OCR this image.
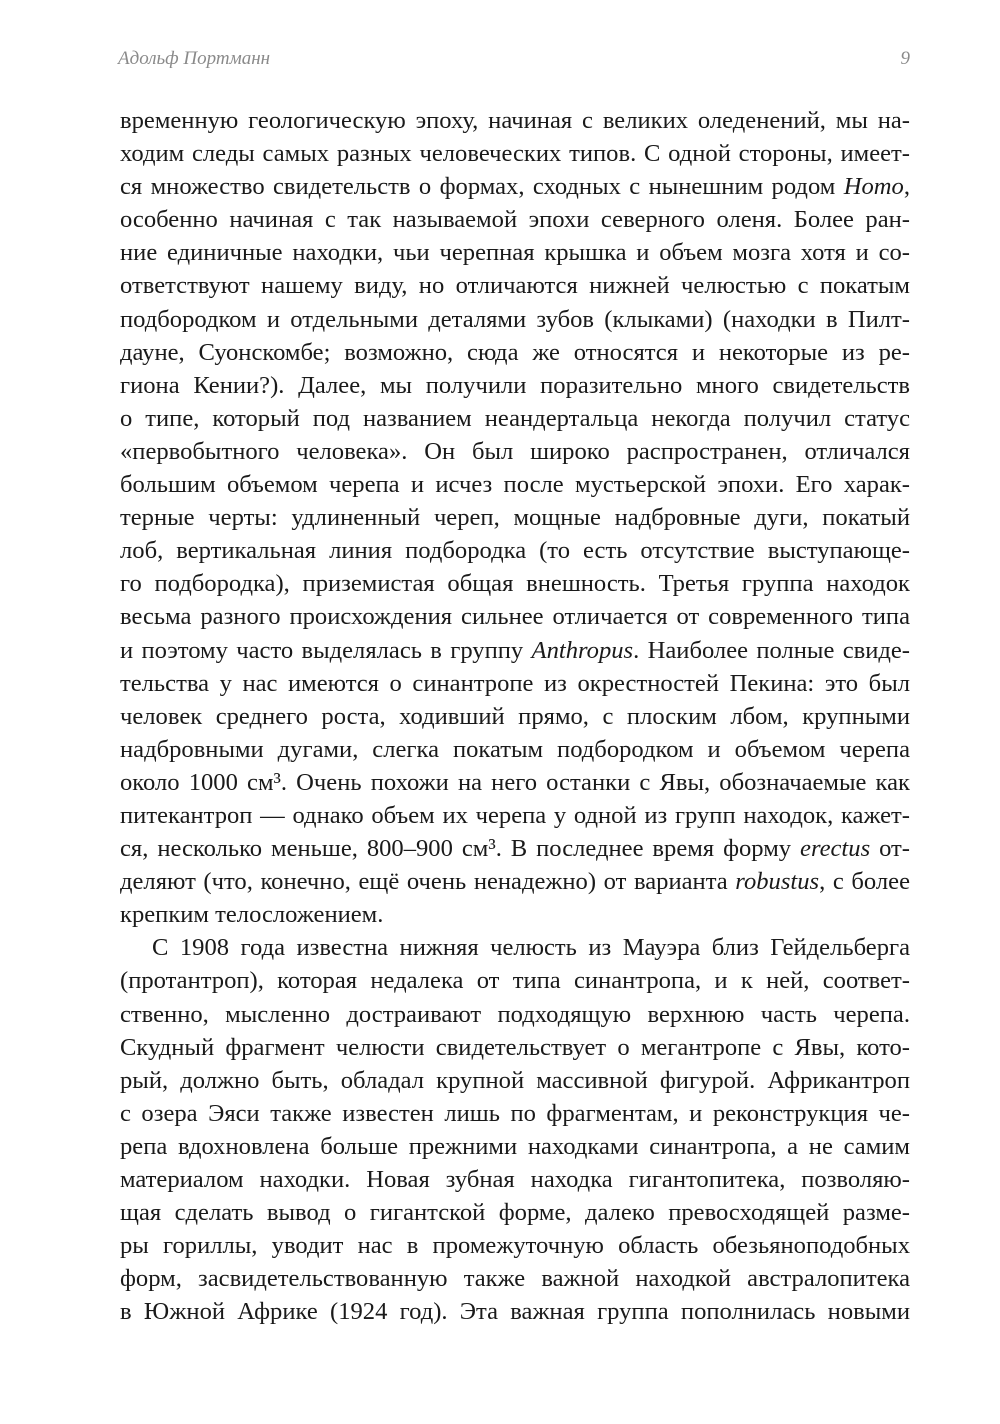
Адольф Портманн	9
временную геологическую эпоху, начиная с великих оледенений, мы на-
ходим следы самых разных человеческих типов. С одной стороны, имеет-
ся множество свидетельств о формах, сходных с нынешним родом Homo,
особенно начиная с так называемой эпохи северного оленя. Более ран-
ние единичные находки, чьи черепная крышка и объем мозга хотя и со-
ответствуют нашему виду, но отличаются нижней челюстью с покатым
подбородком и отдельными деталями зубов (клыками) (находки в Пилт-
дауне, Суонскомбе; возможно, сюда же относятся и некоторые из ре-
гиона Кении?). Далее, мы получили поразительно много свидетельств
о типе, который под названием неандертальца некогда получил статус
«первобытного человека». Он был широко распространен, отличался
большим объемом черепа и исчез после мустьерской эпохи. Его харак-
терные черты: удлиненный череп, мощные надбровные дуги, покатый
лоб, вертикальная линия подбородка (то есть отсутствие выступающе-
го подбородка), приземистая общая внешность. Третья группа находок
весьма разного происхождения сильнее отличается от современного типа
и поэтому часто выделялась в группу Anthropus. Наиболее полные свиде-
тельства у нас имеются о синантропе из окрестностей Пекина: это был
человек среднего роста, ходивший прямо, с плоским лбом, крупными
надбровными дугами, слегка покатым подбородком и объемом черепа
около 1000 см³. Очень похожи на него останки с Явы, обозначаемые как
питекантроп — однако объем их черепа у одной из групп находок, кажет-
ся, несколько меньше, 800–900 см³. В последнее время форму erectus от-
деляют (что, конечно, ещё очень ненадежно) от варианта robustus, с более
крепким телосложением.
С 1908 года известна нижняя челюсть из Мауэра близ Гейдельберга
(протантроп), которая недалека от типа синантропа, и к ней, соответ-
ственно, мысленно достраивают подходящую верхнюю часть черепа.
Скудный фрагмент челюсти свидетельствует о мегантропе с Явы, кото-
рый, должно быть, обладал крупной массивной фигурой. Африкантроп
с озера Эяси также известен лишь по фрагментам, и реконструкция че-
репа вдохновлена больше прежними находками синантропа, а не самим
материалом находки. Новая зубная находка гигантопитека, позволяю-
щая сделать вывод о гигантской форме, далеко превосходящей разме-
ры гориллы, уводит нас в промежуточную область обезьяноподобных
форм, засвидетельствованную также важной находкой австралопитека
в Южной Африке (1924 год). Эта важная группа пополнилась новыми
